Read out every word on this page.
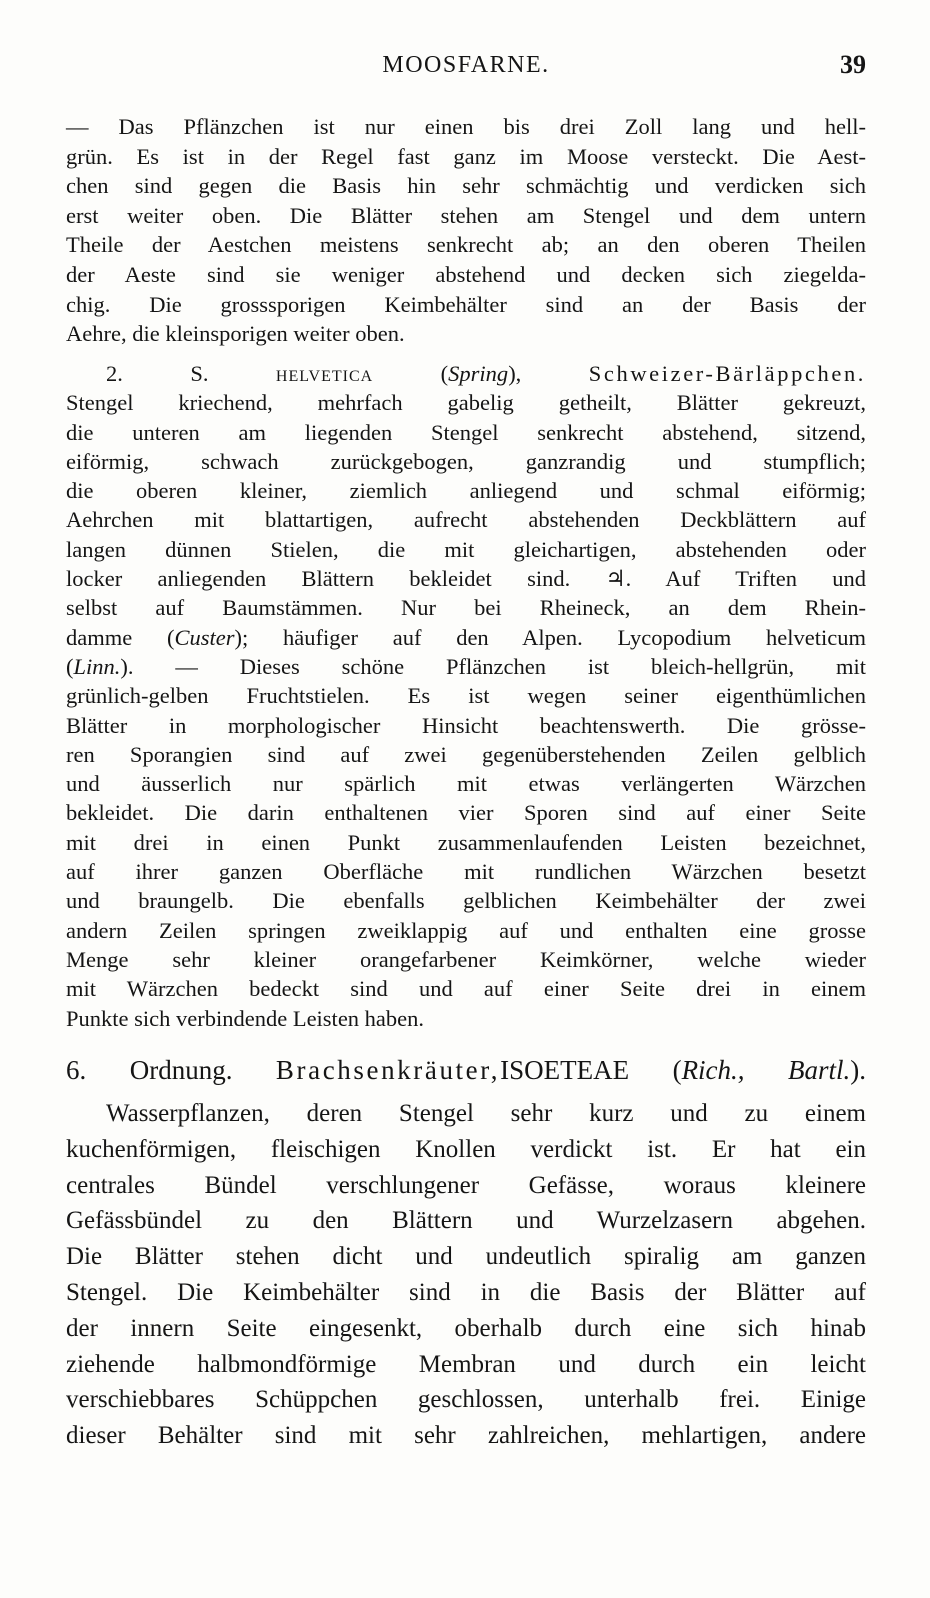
MOOSFARNE.	39
— Das Pflänzchen ist nur einen bis drei Zoll lang und hell-
grün. Es ist in der Regel fast ganz im Moose versteckt. Die Aest-
chen sind gegen die Basis hin sehr schmächtig und verdicken sich
erst weiter oben. Die Blätter stehen am Stengel und dem untern
Theile der Aestchen meistens senkrecht ab; an den oberen Theilen
der Aeste sind sie weniger abstehend und decken sich ziegelda-
chig. Die grosssporigen Keimbehälter sind an der Basis der
Aehre, die kleinsporigen weiter oben.
2. S.	helvetica	(Spring),	Schweizer-Bärläppchen.
Stengel kriechend, mehrfach gabelig getheilt, Blätter gekreuzt,
die unteren am liegenden Stengel senkrecht abstehend, sitzend,
eiförmig, schwach zurückgebogen, ganzrandig und stumpflich;
die oberen kleiner, ziemlich anliegend und schmal eiförmig;
Aehrchen mit blattartigen, aufrecht abstehenden Deckblättern auf
langen dünnen Stielen, die mit gleichartigen, abstehenden oder
locker anliegenden Blättern bekleidet sind. ♃. Auf Triften und
selbst auf Baumstämmen. Nur bei Rheineck, an dem Rhein-
damme (Custer); häufiger auf den Alpen. Lycopodium helveticum
(Linn.). — Dieses schöne Pflänzchen ist bleich-hellgrün, mit
grünlich-gelben Fruchtstielen. Es ist wegen seiner eigenthümlichen
Blätter in morphologischer Hinsicht beachtenswerth. Die grösse-
ren Sporangien sind auf zwei gegenüberstehenden Zeilen gelblich
und äusserlich nur spärlich mit etwas verlängerten Wärzchen
bekleidet. Die darin enthaltenen vier Sporen sind auf einer Seite
mit drei in einen Punkt zusammenlaufenden Leisten bezeichnet,
auf ihrer ganzen Oberfläche mit rundlichen Wärzchen besetzt
und braungelb. Die ebenfalls gelblichen Keimbehälter der zwei
andern Zeilen springen zweiklappig auf und enthalten eine grosse
Menge sehr kleiner orangefarbener Keimkörner, welche wieder
mit Wärzchen bedeckt sind und auf einer Seite drei in einem
Punkte sich verbindende Leisten haben.
6. Ordnung. Brachsenkräuter,ISOETEAE (Rich., Bartl.).
Wasserpflanzen, deren Stengel sehr kurz und zu einem
kuchenförmigen, fleischigen Knollen verdickt ist. Er hat ein
centrales Bündel verschlungener Gefässe, woraus kleinere
Gefässbündel zu den Blättern und Wurzelzasern abgehen.
Die Blätter stehen dicht und undeutlich spiralig am ganzen
Stengel. Die Keimbehälter sind in die Basis der Blätter auf
der innern Seite eingesenkt, oberhalb durch eine sich hinab
ziehende halbmondförmige Membran und durch ein leicht
verschiebbares Schüppchen geschlossen, unterhalb frei. Einige
dieser Behälter sind mit sehr zahlreichen, mehlartigen, andere
